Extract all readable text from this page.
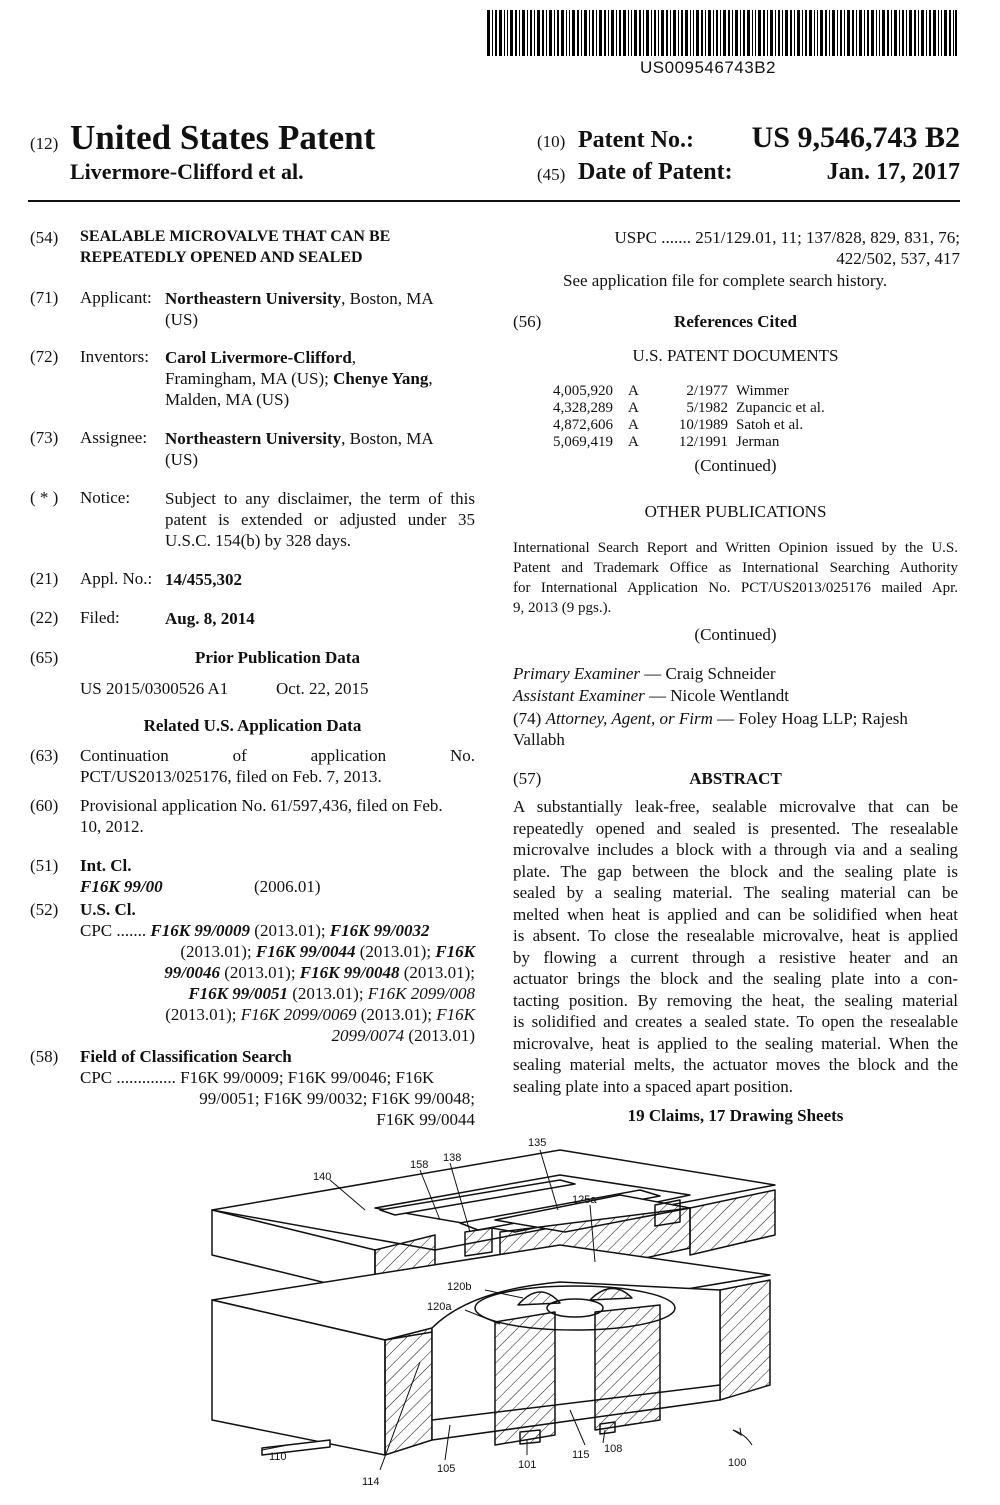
US009546743B2
(12) United States Patent
Livermore-Clifford et al.
(10) Patent No.: US 9,546,743 B2
(45) Date of Patent:	Jan. 17, 2017
(54) SEALABLE MICROVALVE THAT CAN BE
REPEATEDLY OPENED AND SEALED
(71) Applicant: Northeastern University, Boston, MA
(US)
(72) Inventors: Carol Livermore-Clifford,
Framingham, MA (US); Chenye Yang,
Malden, MA (US)
(73) Assignee: Northeastern University, Boston, MA
(US)
( * ) Notice: Subject to any disclaimer, the term of this
patent is extended or adjusted under 35
U.S.C. 154(b) by 328 days.
(21) Appl. No.: 14/455,302
(22) Filed:	Aug. 8, 2014
(65)	Prior Publication Data
US 2015/0300526 A1	Oct. 22, 2015
Related U.S. Application Data
(63) Continuation of application No.
PCT/US2013/025176, filed on Feb. 7, 2013.
(60) Provisional application No. 61/597,436, filed on Feb.
10, 2012.
(51) Int. Cl.
F16K 99/00	(2006.01)
(52) U.S. Cl.
CPC ....... F16K 99/0009 (2013.01); F16K 99/0032
(2013.01); F16K 99/0044 (2013.01); F16K
99/0046 (2013.01); F16K 99/0048 (2013.01);
F16K 99/0051 (2013.01); F16K 2099/008
(2013.01); F16K 2099/0069 (2013.01); F16K
2099/0074 (2013.01)
(58) Field of Classification Search
CPC .............. F16K 99/0009; F16K 99/0046; F16K
99/0051; F16K 99/0032; F16K 99/0048;
F16K 99/0044
USPC ....... 251/129.01, 11; 137/828, 829, 831, 76;
422/502, 537, 417
See application file for complete search history.
(56)	References Cited
U.S. PATENT DOCUMENTS
4,005,920 A	2/1977 Wimmer
4,328,289 A	5/1982 Zupancic et al.
4,872,606 A	10/1989 Satoh et al.
5,069,419 A	12/1991 Jerman
(Continued)
OTHER PUBLICATIONS
International Search Report and Written Opinion issued by the U.S.
Patent and Trademark Office as International Searching Authority
for International Application No. PCT/US2013/025176 mailed Apr.
9, 2013 (9 pgs.).
(Continued)
Primary Examiner — Craig Schneider
Assistant Examiner — Nicole Wentlandt
(74) Attorney, Agent, or Firm — Foley Hoag LLP; Rajesh
Vallabh
(57)	ABSTRACT
A substantially leak-free, sealable microvalve that can be
repeatedly opened and sealed is presented. The resealable
microvalve includes a block with a through via and a sealing
plate. The gap between the block and the sealing plate is
sealed by a sealing material. The sealing material can be
melted when heat is applied and can be solidified when heat
is absent. To close the resealable microvalve, heat is applied
by flowing a current through a resistive heater and an
actuator brings the block and the sealing plate into a con-
tacting position. By removing the heat, the sealing material
is solidified and creates a sealed state. To open the resealable
microvalve, heat is applied to the sealing material. When the
sealing material melts, the actuator moves the block and the
sealing plate into a spaced apart position.
19 Claims, 17 Drawing Sheets
135
158
138
140
125a
120b
120a
110
114
105	101
115 108
100
